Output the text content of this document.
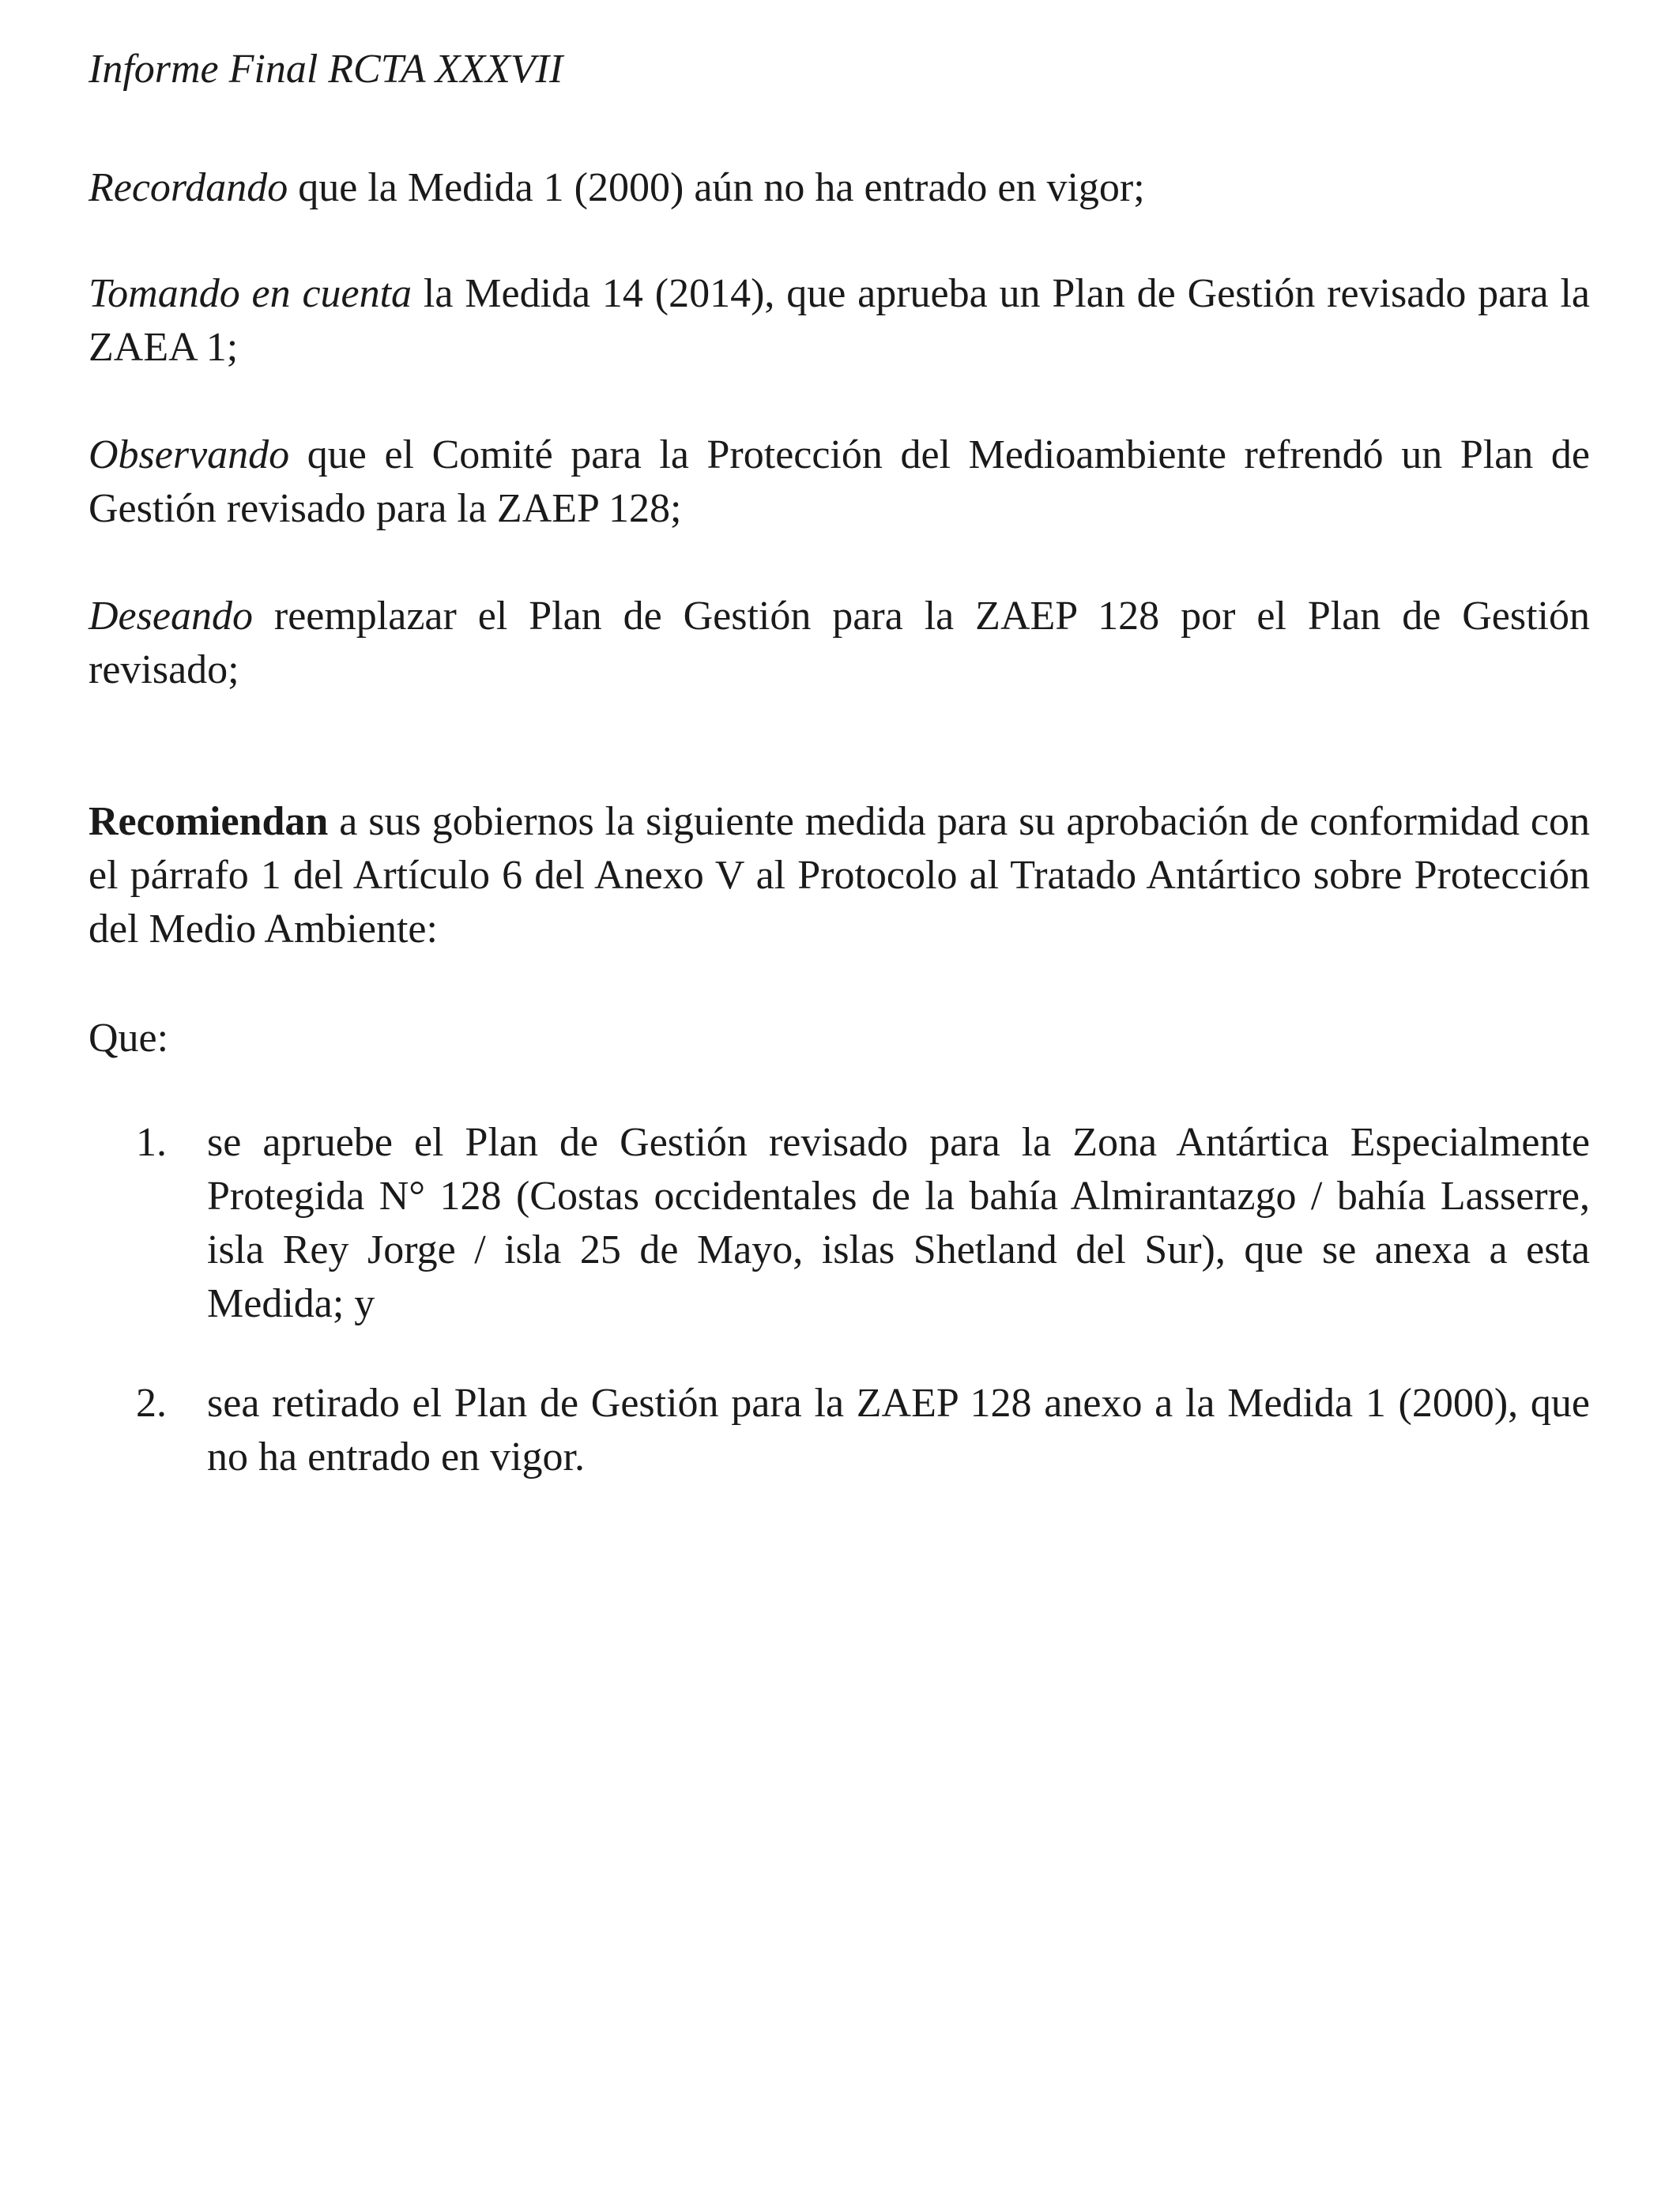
Informe Final RCTA XXXVII

Recordando que la Medida 1 (2000) aún no ha entrado en vigor;

Tomando en cuenta la Medida 14 (2014), que aprueba un Plan de Gestión revisado para la ZAEA 1;

Observando que el Comité para la Protección del Medioambiente refrendó un Plan de Gestión revisado para la ZAEP 128;

Deseando reemplazar el Plan de Gestión para la ZAEP 128 por el Plan de Gestión revisado;

Recomiendan a sus gobiernos la siguiente medida para su aprobación de conformidad con el párrafo 1 del Artículo 6 del Anexo V al Protocolo al Tratado Antártico sobre Protección del Medio Ambiente:

Que:

1. se apruebe el Plan de Gestión revisado para la Zona Antártica Especialmente Protegida N° 128 (Costas occidentales de la bahía Almirantazgo / bahía Lasserre, isla Rey Jorge / isla 25 de Mayo, islas Shetland del Sur), que se anexa a esta Medida; y
2. sea retirado el Plan de Gestión para la ZAEP 128 anexo a la Medida 1 (2000), que no ha entrado en vigor.
